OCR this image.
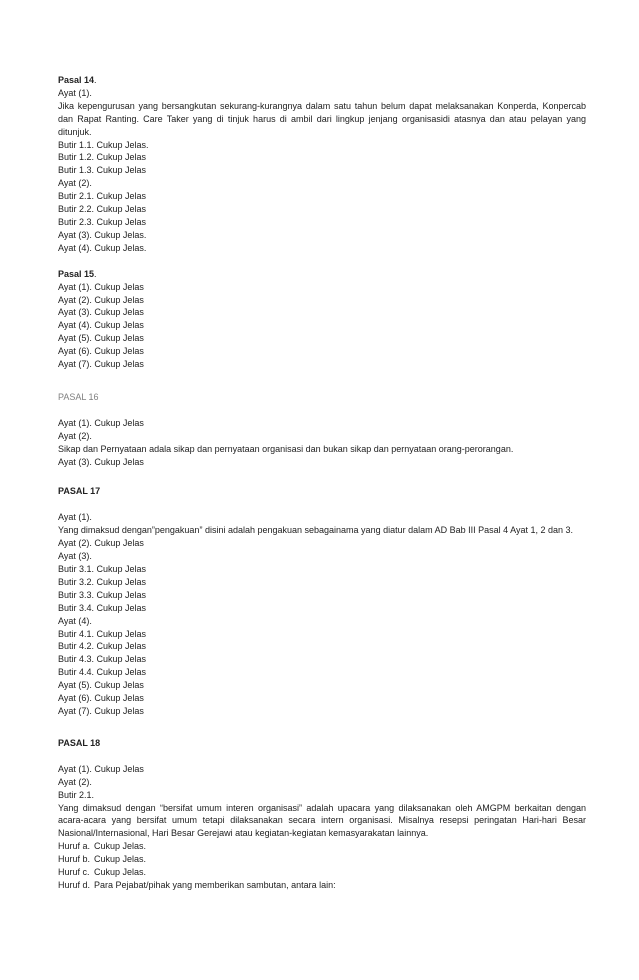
Pasal 14.

Ayat (1).

Jika kepengurusan yang bersangkutan sekurang-kurangnya dalam satu tahun belum dapat melaksanakan Konperda, Konpercab dan Rapat Ranting. Care Taker yang di tinjuk harus di ambil dari lingkup jenjang organisasidi atasnya dan atau pelayan yang ditunjuk.

Butir 1.1. Cukup Jelas.

Butir 1.2. Cukup Jelas

Butir 1.3. Cukup Jelas

Ayat (2).

Butir 2.1. Cukup Jelas

Butir 2.2. Cukup Jelas

Butir 2.3. Cukup Jelas

Ayat (3). Cukup Jelas.

Ayat (4). Cukup Jelas.

Pasal 15.

Ayat (1). Cukup Jelas

Ayat (2). Cukup Jelas

Ayat (3). Cukup Jelas

Ayat (4). Cukup Jelas

Ayat (5). Cukup Jelas

Ayat (6). Cukup Jelas

Ayat (7). Cukup Jelas

PASAL 16

Ayat (1). Cukup Jelas

Ayat (2).

Sikap dan Pernyataan adala sikap dan pernyataan organisasi dan bukan sikap dan pernyataan orang-perorangan.

Ayat (3). Cukup Jelas

PASAL 17

Ayat (1).

Yang dimaksud dengan”pengakuan” disini adalah pengakuan sebagainama yang diatur dalam AD Bab III Pasal 4 Ayat 1, 2 dan 3.

Ayat (2). Cukup Jelas

Ayat (3).

Butir 3.1. Cukup Jelas

Butir 3.2. Cukup Jelas

Butir 3.3. Cukup Jelas

Butir 3.4. Cukup Jelas

Ayat (4).

Butir 4.1. Cukup Jelas

Butir 4.2. Cukup Jelas

Butir 4.3. Cukup Jelas

Butir 4.4. Cukup Jelas

Ayat (5). Cukup Jelas

Ayat (6). Cukup Jelas

Ayat (7). Cukup Jelas

PASAL 18

Ayat (1). Cukup Jelas

Ayat (2).

Butir 2.1.

Yang dimaksud dengan “bersifat umum interen organisasi” adalah upacara yang dilaksanakan oleh AMGPM berkaitan dengan acara-acara yang bersifat umum tetapi dilaksanakan secara intern organisasi. Misalnya resepsi peringatan Hari-hari Besar Nasional/Internasional, Hari Besar Gerejawi atau kegiatan-kegiatan kemasyarakatan lainnya.

Huruf a. Cukup Jelas.

Huruf b. Cukup Jelas.

Huruf c. Cukup Jelas.

Huruf d. Para Pejabat/pihak yang memberikan sambutan, antara lain:
